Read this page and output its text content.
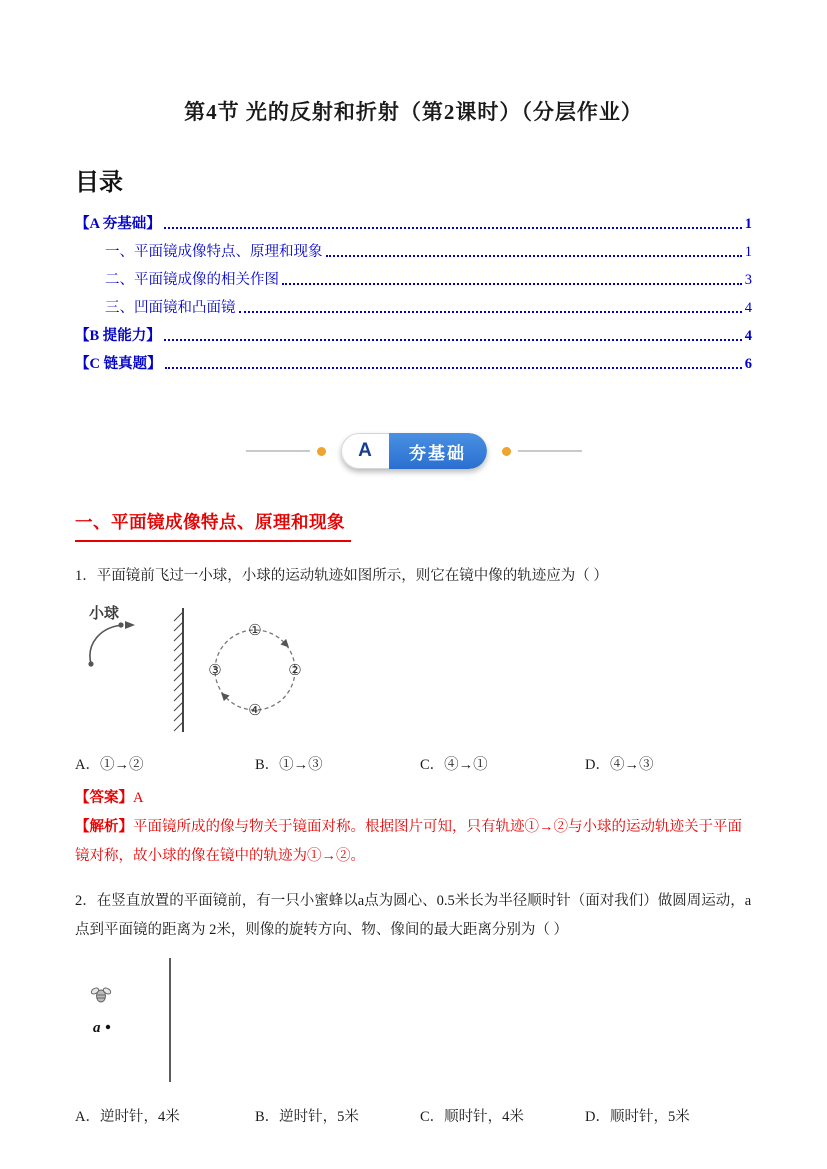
第4节 光的反射和折射（第2课时）（分层作业）
目录
【A 夯基础】	1
一、平面镜成像特点、原理和现象	1
二、平面镜成像的相关作图	3
三、凹面镜和凸面镜	4
【B 提能力】	4
【C 链真题】	6
A	夯基础
一、平面镜成像特点、原理和现象
1．平面镜前飞过一小球，小球的运动轨迹如图所示，则它在镜中像的轨迹应为（ ）
小球
①
②
③
④
A．①→②	B．①→③	C．④→①	D．④→③
【答案】A
【解析】平面镜所成的像与物关于镜面对称。根据图片可知，只有轨迹①→②与小球的运动轨迹关于平面镜对称，故小球的像在镜中的轨迹为①→②。
2．在竖直放置的平面镜前，有一只小蜜蜂以a点为圆心、0.5米长为半径顺时针（面对我们）做圆周运动，a点到平面镜的距离为 2米，则像的旋转方向、物、像间的最大距离分别为（ ）
a
A．逆时针，4米	B．逆时针，5米	C．顺时针，4米	D．顺时针，5米
